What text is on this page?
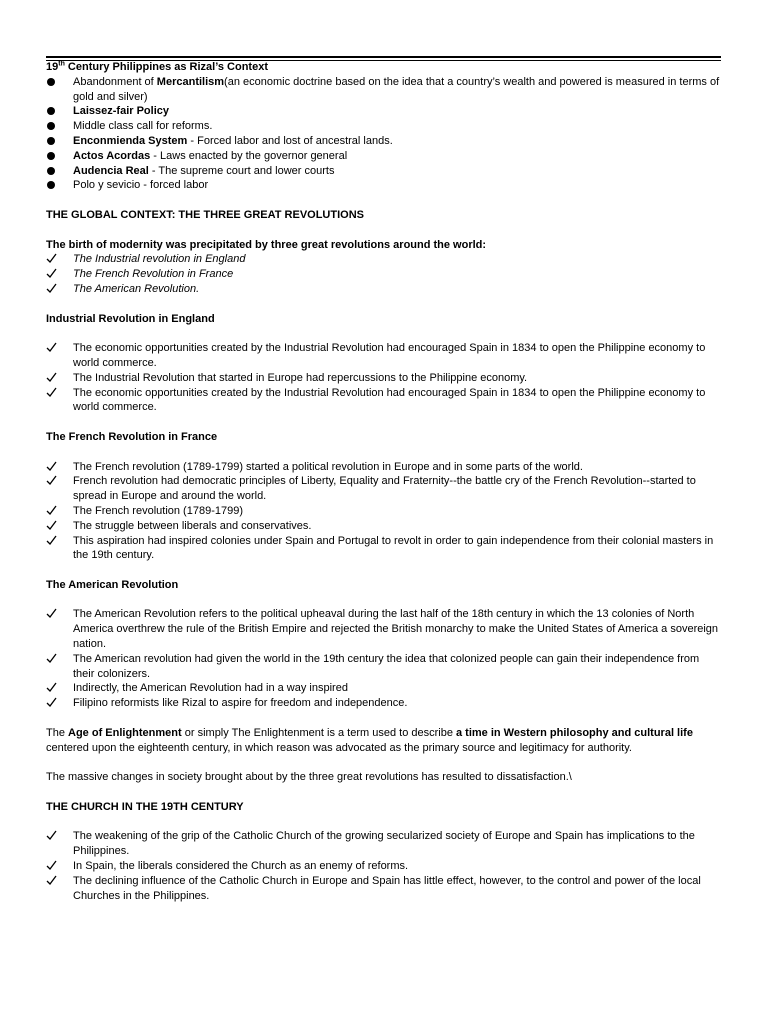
19th Century Philippines as Rizal’s Context
Abandonment of Mercantilism(an economic doctrine based on the idea that a country’s wealth and powered is measured in terms of gold and silver)
Laissez-fair Policy
Middle class call for reforms.
Enconmienda System - Forced labor and lost of ancestral lands.
Actos Acordas - Laws enacted by the governor general
Audencia Real - The supreme court and lower courts
Polo y sevicio - forced labor
THE GLOBAL CONTEXT: THE THREE GREAT REVOLUTIONS
The birth of modernity was precipitated by three great revolutions around the world:
The Industrial revolution in England
The French Revolution in France
The American Revolution.
Industrial Revolution in England
The economic opportunities created by the Industrial Revolution had encouraged Spain in 1834 to open the Philippine economy to world commerce.
The Industrial Revolution that started in Europe had repercussions to the Philippine economy.
The economic opportunities created by the Industrial Revolution had encouraged Spain in 1834 to open the Philippine economy to world commerce.
The French Revolution in France
The French revolution (1789-1799) started a political revolution in Europe and in some parts of the world.
French revolution had democratic principles of Liberty, Equality and Fraternity--the battle cry of the French Revolution--started to spread in Europe and around the world.
The French revolution (1789-1799)
The struggle between liberals and conservatives.
This aspiration had inspired colonies under Spain and Portugal to revolt in order to gain independence from their colonial masters in the 19th century.
The American Revolution
The American Revolution refers to the political upheaval during the last half of the 18th century in which the 13 colonies of North America overthrew the rule of the British Empire and rejected the British monarchy to make the United States of America a sovereign nation.
The American revolution had given the world in the 19th century the idea that colonized people can gain their independence from their colonizers.
Indirectly, the American Revolution had in a way inspired
Filipino reformists like Rizal to aspire for freedom and independence.
The Age of Enlightenment or simply The Enlightenment is a term used to describe a time in Western philosophy and cultural life centered upon the eighteenth century, in which reason was advocated as the primary source and legitimacy for authority.
The massive changes in society brought about by the three great revolutions has resulted to dissatisfaction.\
THE CHURCH IN THE 19TH CENTURY
The weakening of the grip of the Catholic Church of the growing secularized society of Europe and Spain has implications to the Philippines.
In Spain, the liberals considered the Church as an enemy of reforms.
The declining influence of the Catholic Church in Europe and Spain has little effect, however, to the control and power of the local Churches in the Philippines.
